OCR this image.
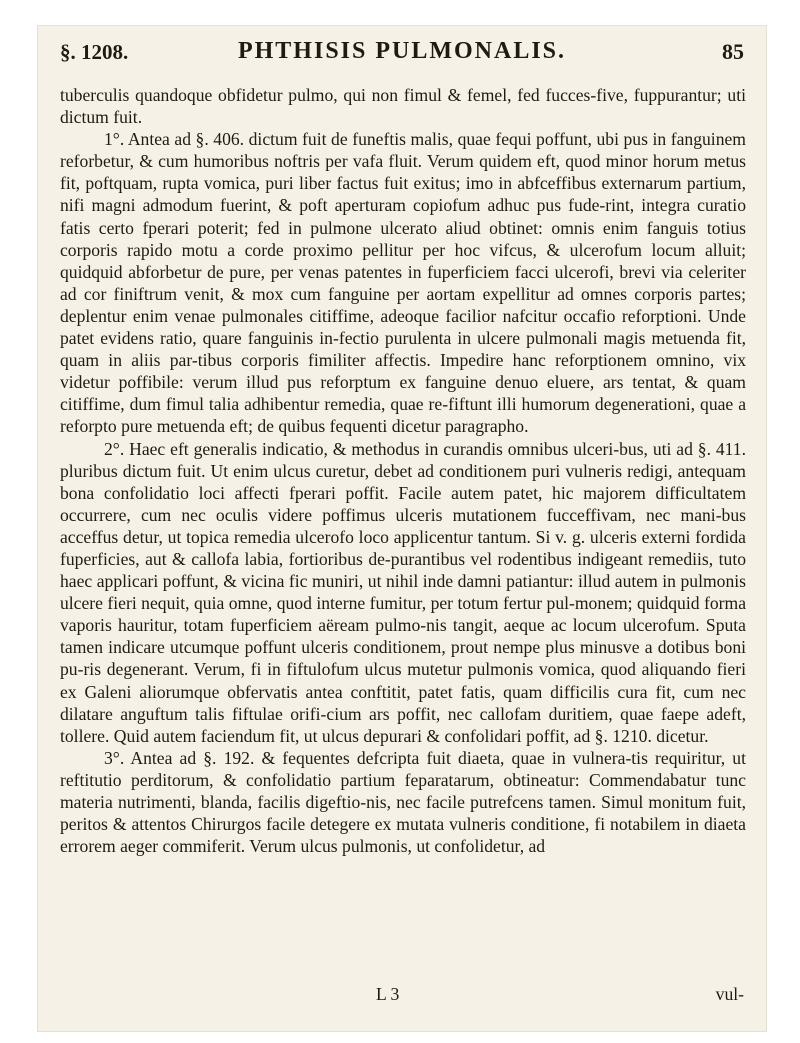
§. 1208.	PHTHISIS PULMONALIS.	85

tuberculis quandoque obfidetur pulmo, qui non fimul & femel, fed fucces-five, fuppurantur; uti dictum fuit.

1°. Antea ad §. 406. dictum fuit de funeftis malis, quae fequi poffunt, ubi pus in fanguinem reforbetur, & cum humoribus noftris per vafa fluit. Verum quidem eft, quod minor horum metus fit, poftquam, rupta vomica, puri liber factus fuit exitus; imo in abfceffibus externarum partium, nifi magni admodum fuerint, & poft aperturam copiofum adhuc pus fude-rint, integra curatio fatis certo fperari poterit; fed in pulmone ulcerato aliud obtinet: omnis enim fanguis totius corporis rapido motu a corde proximo pellitur per hoc vifcus, & ulcerofum locum alluit; quidquid abforbetur de pure, per venas patentes in fuperficiem facci ulcerofi, brevi via celeriter ad cor finiftrum venit, & mox cum fanguine per aortam expellitur ad omnes corporis partes; deplentur enim venae pulmonales citiffime, adeoque facilior nafcitur occafio reforptioni. Unde patet evidens ratio, quare fanguinis in-fectio purulenta in ulcere pulmonali magis metuenda fit, quam in aliis par-tibus corporis fimiliter affectis. Impedire hanc reforptionem omnino, vix videtur poffibile: verum illud pus reforptum ex fanguine denuo eluere, ars tentat, & quam citiffime, dum fimul talia adhibentur remedia, quae re-fiftunt illi humorum degenerationi, quae a reforpto pure metuenda eft; de quibus fequenti dicetur paragrapho.

2°. Haec eft generalis indicatio, & methodus in curandis omnibus ulceri-bus, uti ad §. 411. pluribus dictum fuit. Ut enim ulcus curetur, debet ad conditionem puri vulneris redigi, antequam bona confolidatio loci affecti fperari poffit. Facile autem patet, hic majorem difficultatem occurrere, cum nec oculis videre poffimus ulceris mutationem fucceffivam, nec mani-bus acceffus detur, ut topica remedia ulcerofo loco applicentur tantum. Si v. g. ulceris externi fordida fuperficies, aut & callofa labia, fortioribus de-purantibus vel rodentibus indigeant remediis, tuto haec applicari poffunt, & vicina fic muniri, ut nihil inde damni patiantur: illud autem in pulmonis ulcere fieri nequit, quia omne, quod interne fumitur, per totum fertur pul-monem; quidquid forma vaporis hauritur, totam fuperficiem aëream pulmo-nis tangit, aeque ac locum ulcerofum. Sputa tamen indicare utcumque poffunt ulceris conditionem, prout nempe plus minusve a dotibus boni pu-ris degenerant. Verum, fi in fiftulofum ulcus mutetur pulmonis vomica, quod aliquando fieri ex Galeni aliorumque obfervatis antea conftitit, patet fatis, quam difficilis cura fit, cum nec dilatare anguftum talis fiftulae orifi-cium ars poffit, nec callofam duritiem, quae faepe adeft, tollere. Quid autem faciendum fit, ut ulcus depurari & confolidari poffit, ad §. 1210. dicetur.

3°. Antea ad §. 192. & fequentes defcripta fuit diaeta, quae in vulnera-tis requiritur, ut reftitutio perditorum, & confolidatio partium feparatarum, obtineatur: Commendabatur tunc materia nutrimenti, blanda, facilis digeftio-nis, nec facile putrefcens tamen. Simul monitum fuit, peritos & attentos Chirurgos facile detegere ex mutata vulneris conditione, fi notabilem in diaeta errorem aeger commiferit. Verum ulcus pulmonis, ut confolidetur, ad

L 3	vul-
